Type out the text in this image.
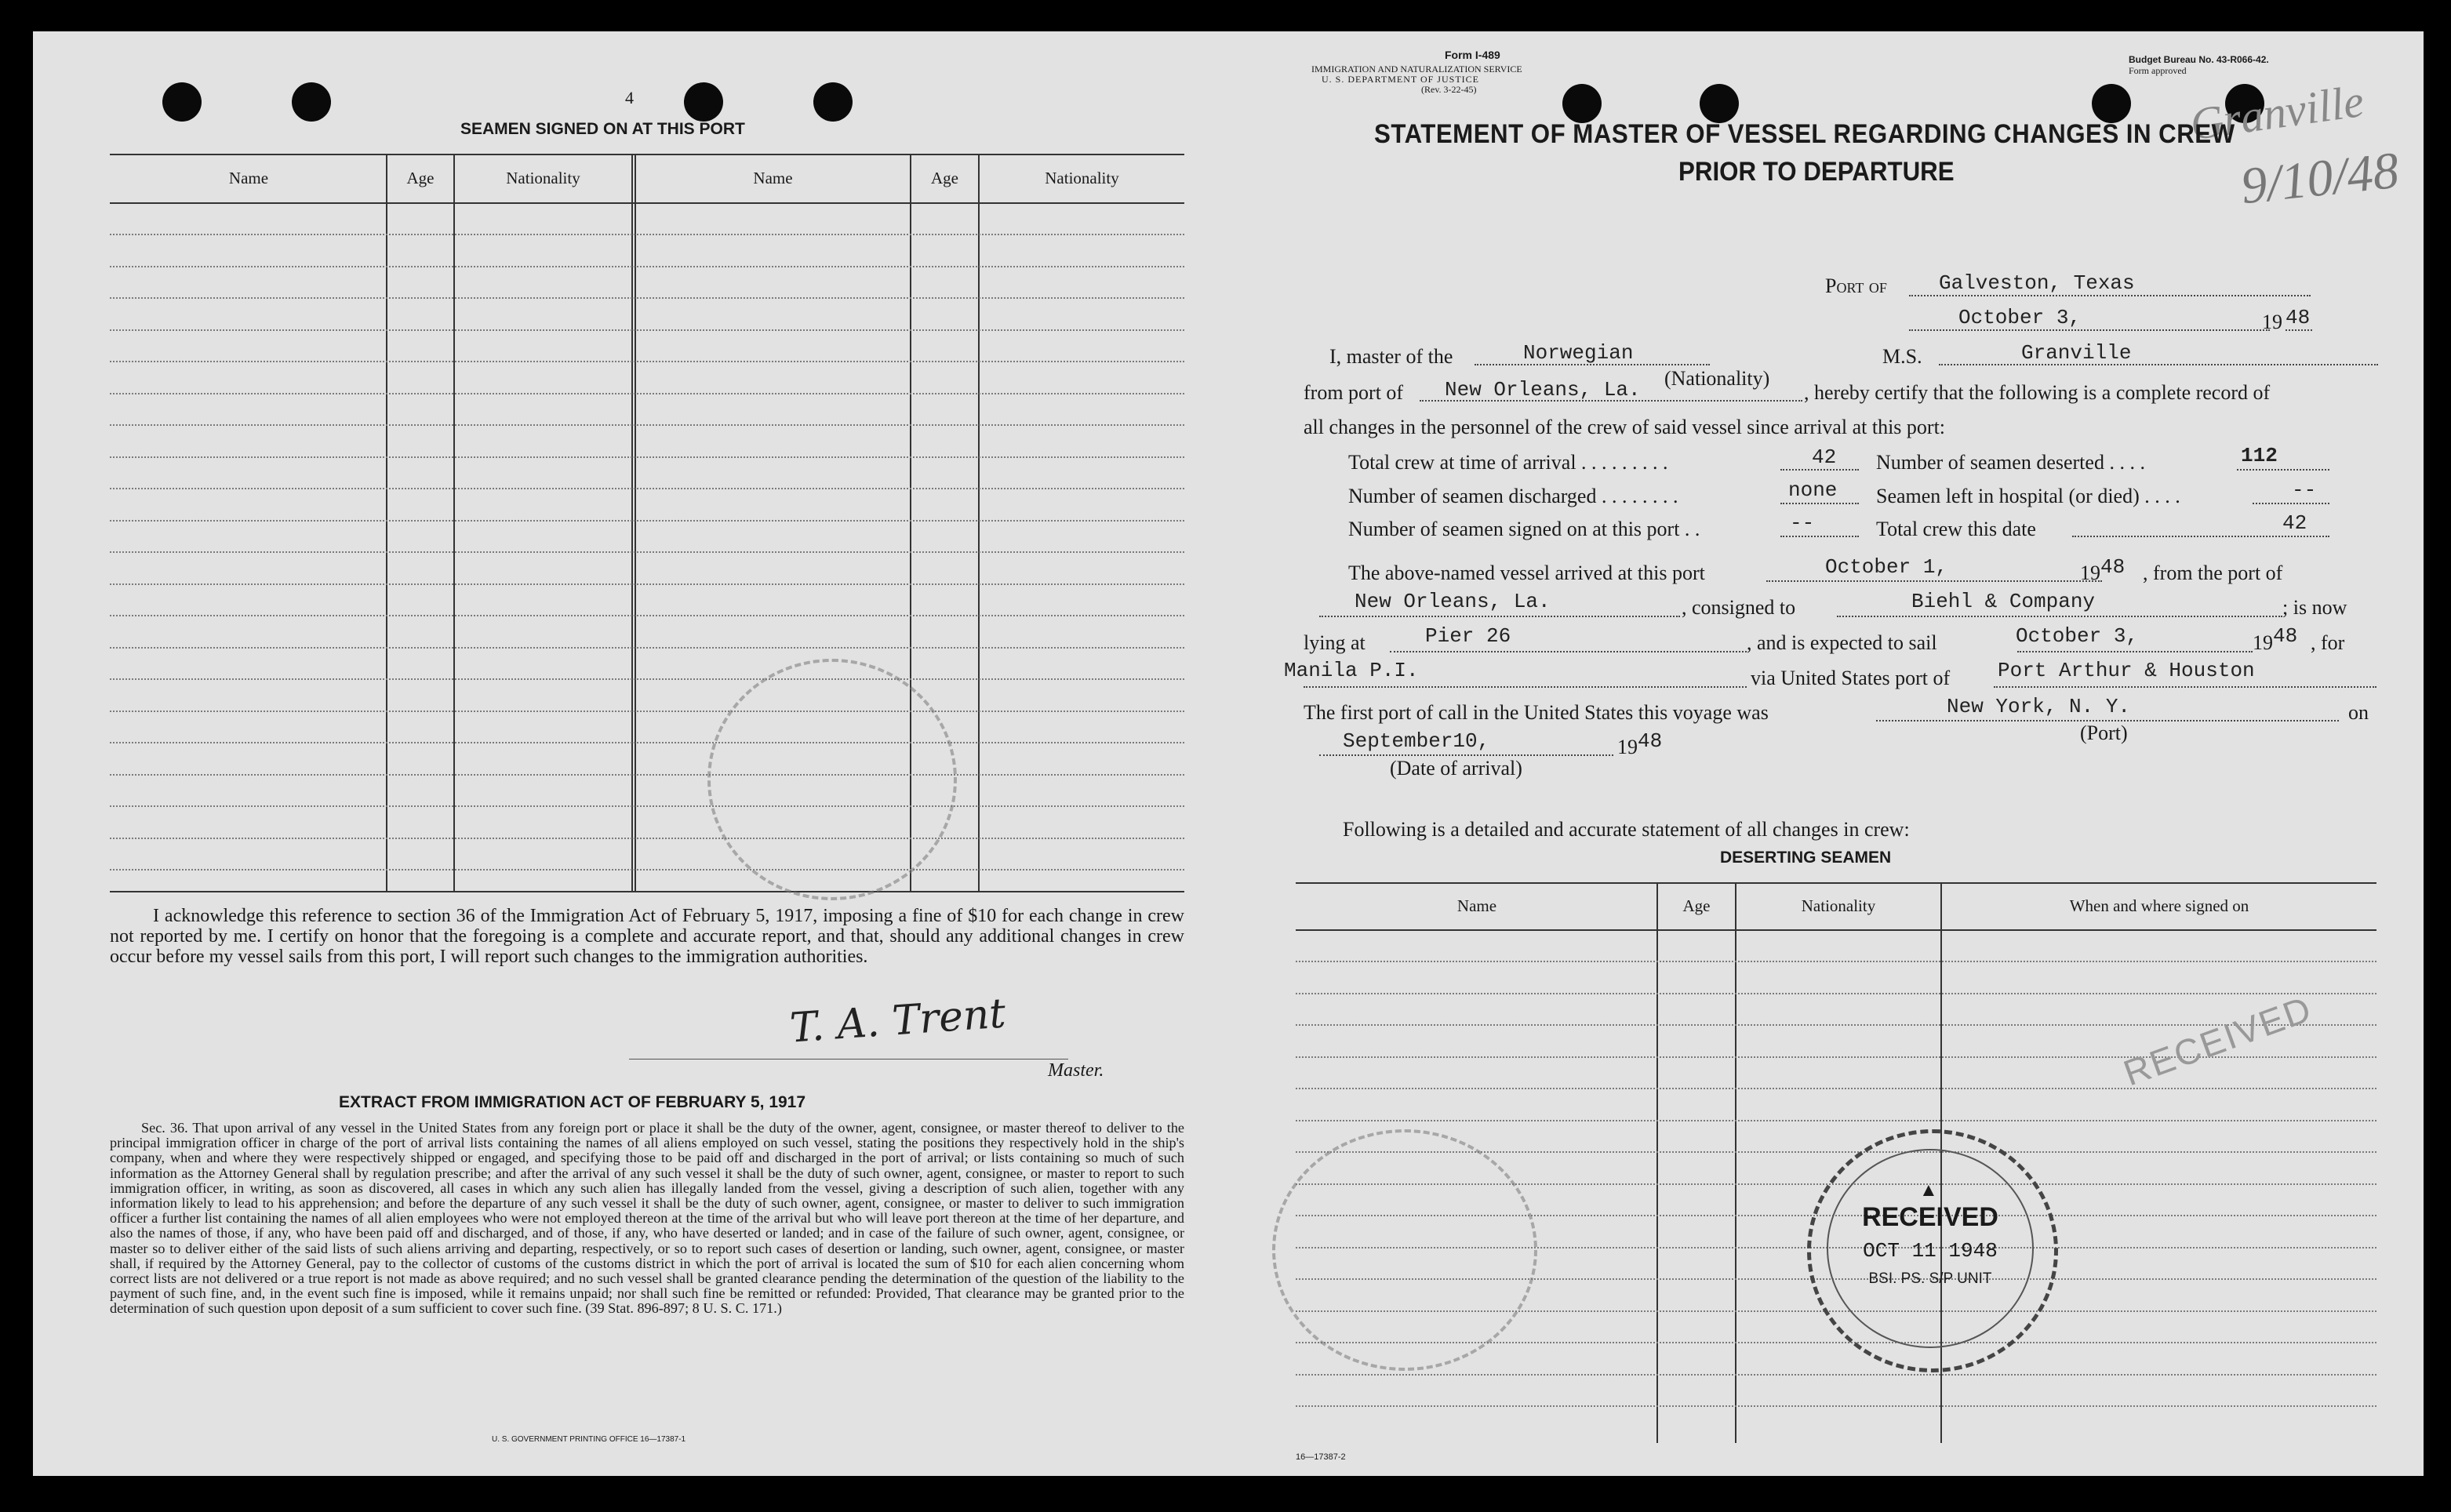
4
SEAMEN SIGNED ON AT THIS PORT
Name	Age	Nationality	Name	Age	Nationality
I acknowledge this reference to section 36 of the Immigration Act of February 5, 1917, imposing a fine of $10 for each change in crew not reported by me. I certify on honor that the foregoing is a complete and accurate report, and that, should any additional changes in crew occur before my vessel sails from this port, I will report such changes to the immigration authorities.
T. A. Trent
Master.
EXTRACT FROM IMMIGRATION ACT OF FEBRUARY 5, 1917
Sec. 36. That upon arrival of any vessel in the United States from any foreign port or place it shall be the duty of the owner, agent, consignee, or master thereof to deliver to the principal immigration officer in charge of the port of arrival lists containing the names of all aliens employed on such vessel, stating the positions they respectively hold in the ship's company, when and where they were respectively shipped or engaged, and specifying those to be paid off and discharged in the port of arrival; or lists containing so much of such information as the Attorney General shall by regulation prescribe; and after the arrival of any such vessel it shall be the duty of such owner, agent, consignee, or master to report to such immigration officer, in writing, as soon as discovered, all cases in which any such alien has illegally landed from the vessel, giving a description of such alien, together with any information likely to lead to his apprehension; and before the departure of any such vessel it shall be the duty of such owner, agent, consignee, or master to deliver to such immigration officer a further list containing the names of all alien employees who were not employed thereon at the time of the arrival but who will leave port thereon at the time of her departure, and also the names of those, if any, who have been paid off and discharged, and of those, if any, who have deserted or landed; and in case of the failure of such owner, agent, consignee, or master so to deliver either of the said lists of such aliens arriving and departing, respectively, or so to report such cases of desertion or landing, such owner, agent, consignee, or master shall, if required by the Attorney General, pay to the collector of customs of the customs district in which the port of arrival is located the sum of $10 for each alien concerning whom correct lists are not delivered or a true report is not made as above required; and no such vessel shall be granted clearance pending the determination of the question of the liability to the payment of such fine, and, in the event such fine is imposed, while it remains unpaid; nor shall such fine be remitted or refunded: Provided, That clearance may be granted prior to the determination of such question upon deposit of a sum sufficient to cover such fine. (39 Stat. 896-897; 8 U. S. C. 171.)
U. S. GOVERNMENT PRINTING OFFICE 16—17387-1
Form I-489
IMMIGRATION AND NATURALIZATION SERVICE
U. S. DEPARTMENT OF JUSTICE
(Rev. 3-22-45)
Budget Bureau No. 43-R066-42.
Form approved
Granville
9/10/48
STATEMENT OF MASTER OF VESSEL REGARDING CHANGES IN CREW
PRIOR TO DEPARTURE
Port of	Galveston, Texas
October 3,	19 48
I, master of the	Norwegian	M.S.	Granville
(Nationality)
from port of New Orleans, La.	, hereby certify that the following is a complete record of
all changes in the personnel of the crew of said vessel since arrival at this port:
Total crew at time of arrival . . . . . . . . .	42 Number of seamen deserted . . . .	112
Number of seamen discharged . . . . . . . .	none Seamen left in hospital (or died) . . . .	--
Number of seamen signed on at this port . .	--	Total crew this date	42
The above-named vessel arrived at this port	October 1,	19 48 , from the port of
New Orleans, La.	, consigned to	Biehl & Company	; is now
lying at	Pier 26	, and is expected to sail	October 3,	19 48 , for
Manila P.I.	via United States port of Port Arthur & Houston
The first port of call in the United States this voyage was	New York, N. Y.
(Port)
on
September10,	19 48
(Date of arrival)
Following is a detailed and accurate statement of all changes in crew:
DESERTING SEAMEN
Name	Age	Nationality	When and where signed on
RECEIVED
▲
RECEIVED
OCT 11 1948
BSI. PS. S/P UNIT
16—17387-2
